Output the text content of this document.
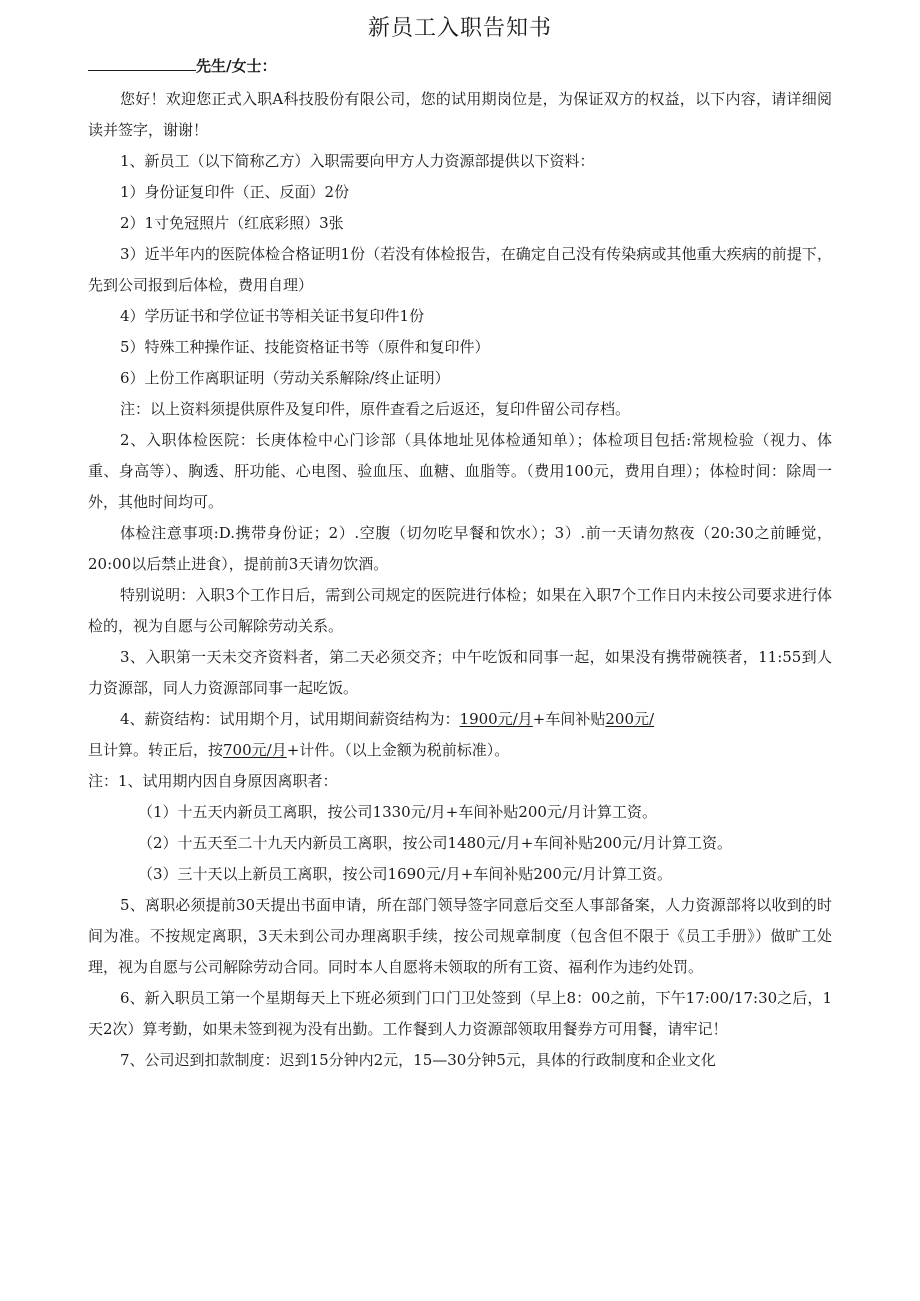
新员工入职告知书
先生/女士：

您好！欢迎您正式入职A科技股份有限公司，您的试用期岗位是，为保证双方的权益，以下内容，请详细阅读并签字，谢谢！

1、新员工（以下简称乙方）入职需要向甲方人力资源部提供以下资料：

1）身份证复印件（正、反面）2份

2）1寸免冠照片（红底彩照）3张

3）近半年内的医院体检合格证明1份（若没有体检报告，在确定自己没有传染病或其他重大疾病的前提下，先到公司报到后体检，费用自理）

4）学历证书和学位证书等相关证书复印件1份

5）特殊工种操作证、技能资格证书等（原件和复印件）

6）上份工作离职证明（劳动关系解除/终止证明）

注：以上资料须提供原件及复印件，原件查看之后返还，复印件留公司存档。

2、入职体检医院：长庚体检中心门诊部（具体地址见体检通知单）；体检项目包括:常规检验（视力、体重、身高等）、胸透、肝功能、心电图、验血压、血糖、血脂等。（费用100元，费用自理）；体检时间：除周一外，其他时间均可。

体检注意事项:D.携带身份证；2）.空腹（切勿吃早餐和饮水）；3）.前一天请勿熬夜（20:30之前睡觉，20:00以后禁止进食），提前前3天请勿饮酒。

特别说明：入职3个工作日后，需到公司规定的医院进行体检；如果在入职7个工作日内未按公司要求进行体检的，视为自愿与公司解除劳动关系。

3、入职第一天未交齐资料者，第二天必须交齐；中午吃饭和同事一起，如果没有携带碗筷者，11:55到人力资源部，同人力资源部同事一起吃饭。

4、薪资结构：试用期个月，试用期间薪资结构为：1900元/月+车间补贴200元/

旦计算。转正后，按700元/月+计件。（以上金额为税前标准）。

注：1、试用期内因自身原因离职者：

（1）十五天内新员工离职，按公司1330元/月+车间补贴200元/月计算工资。

（2）十五天至二十九天内新员工离职，按公司1480元/月+车间补贴200元/月计算工资。

（3）三十天以上新员工离职，按公司1690元/月+车间补贴200元/月计算工资。

5、离职必须提前30天提出书面申请，所在部门领导签字同意后交至人事部备案，人力资源部将以收到的时间为准。不按规定离职，3天未到公司办理离职手续，按公司规章制度（包含但不限于《员工手册》）做旷工处理，视为自愿与公司解除劳动合同。同时本人自愿将未领取的所有工资、福利作为违约处罚。

6、新入职员工第一个星期每天上下班必须到门口门卫处签到（早上8：00之前，下午17:00/17:30之后，1天2次）算考勤，如果未签到视为没有出勤。工作餐到人力资源部领取用餐券方可用餐，请牢记！

7、公司迟到扣款制度：迟到15分钟内2元，15—30分钟5元，具体的行政制度和企业文化
